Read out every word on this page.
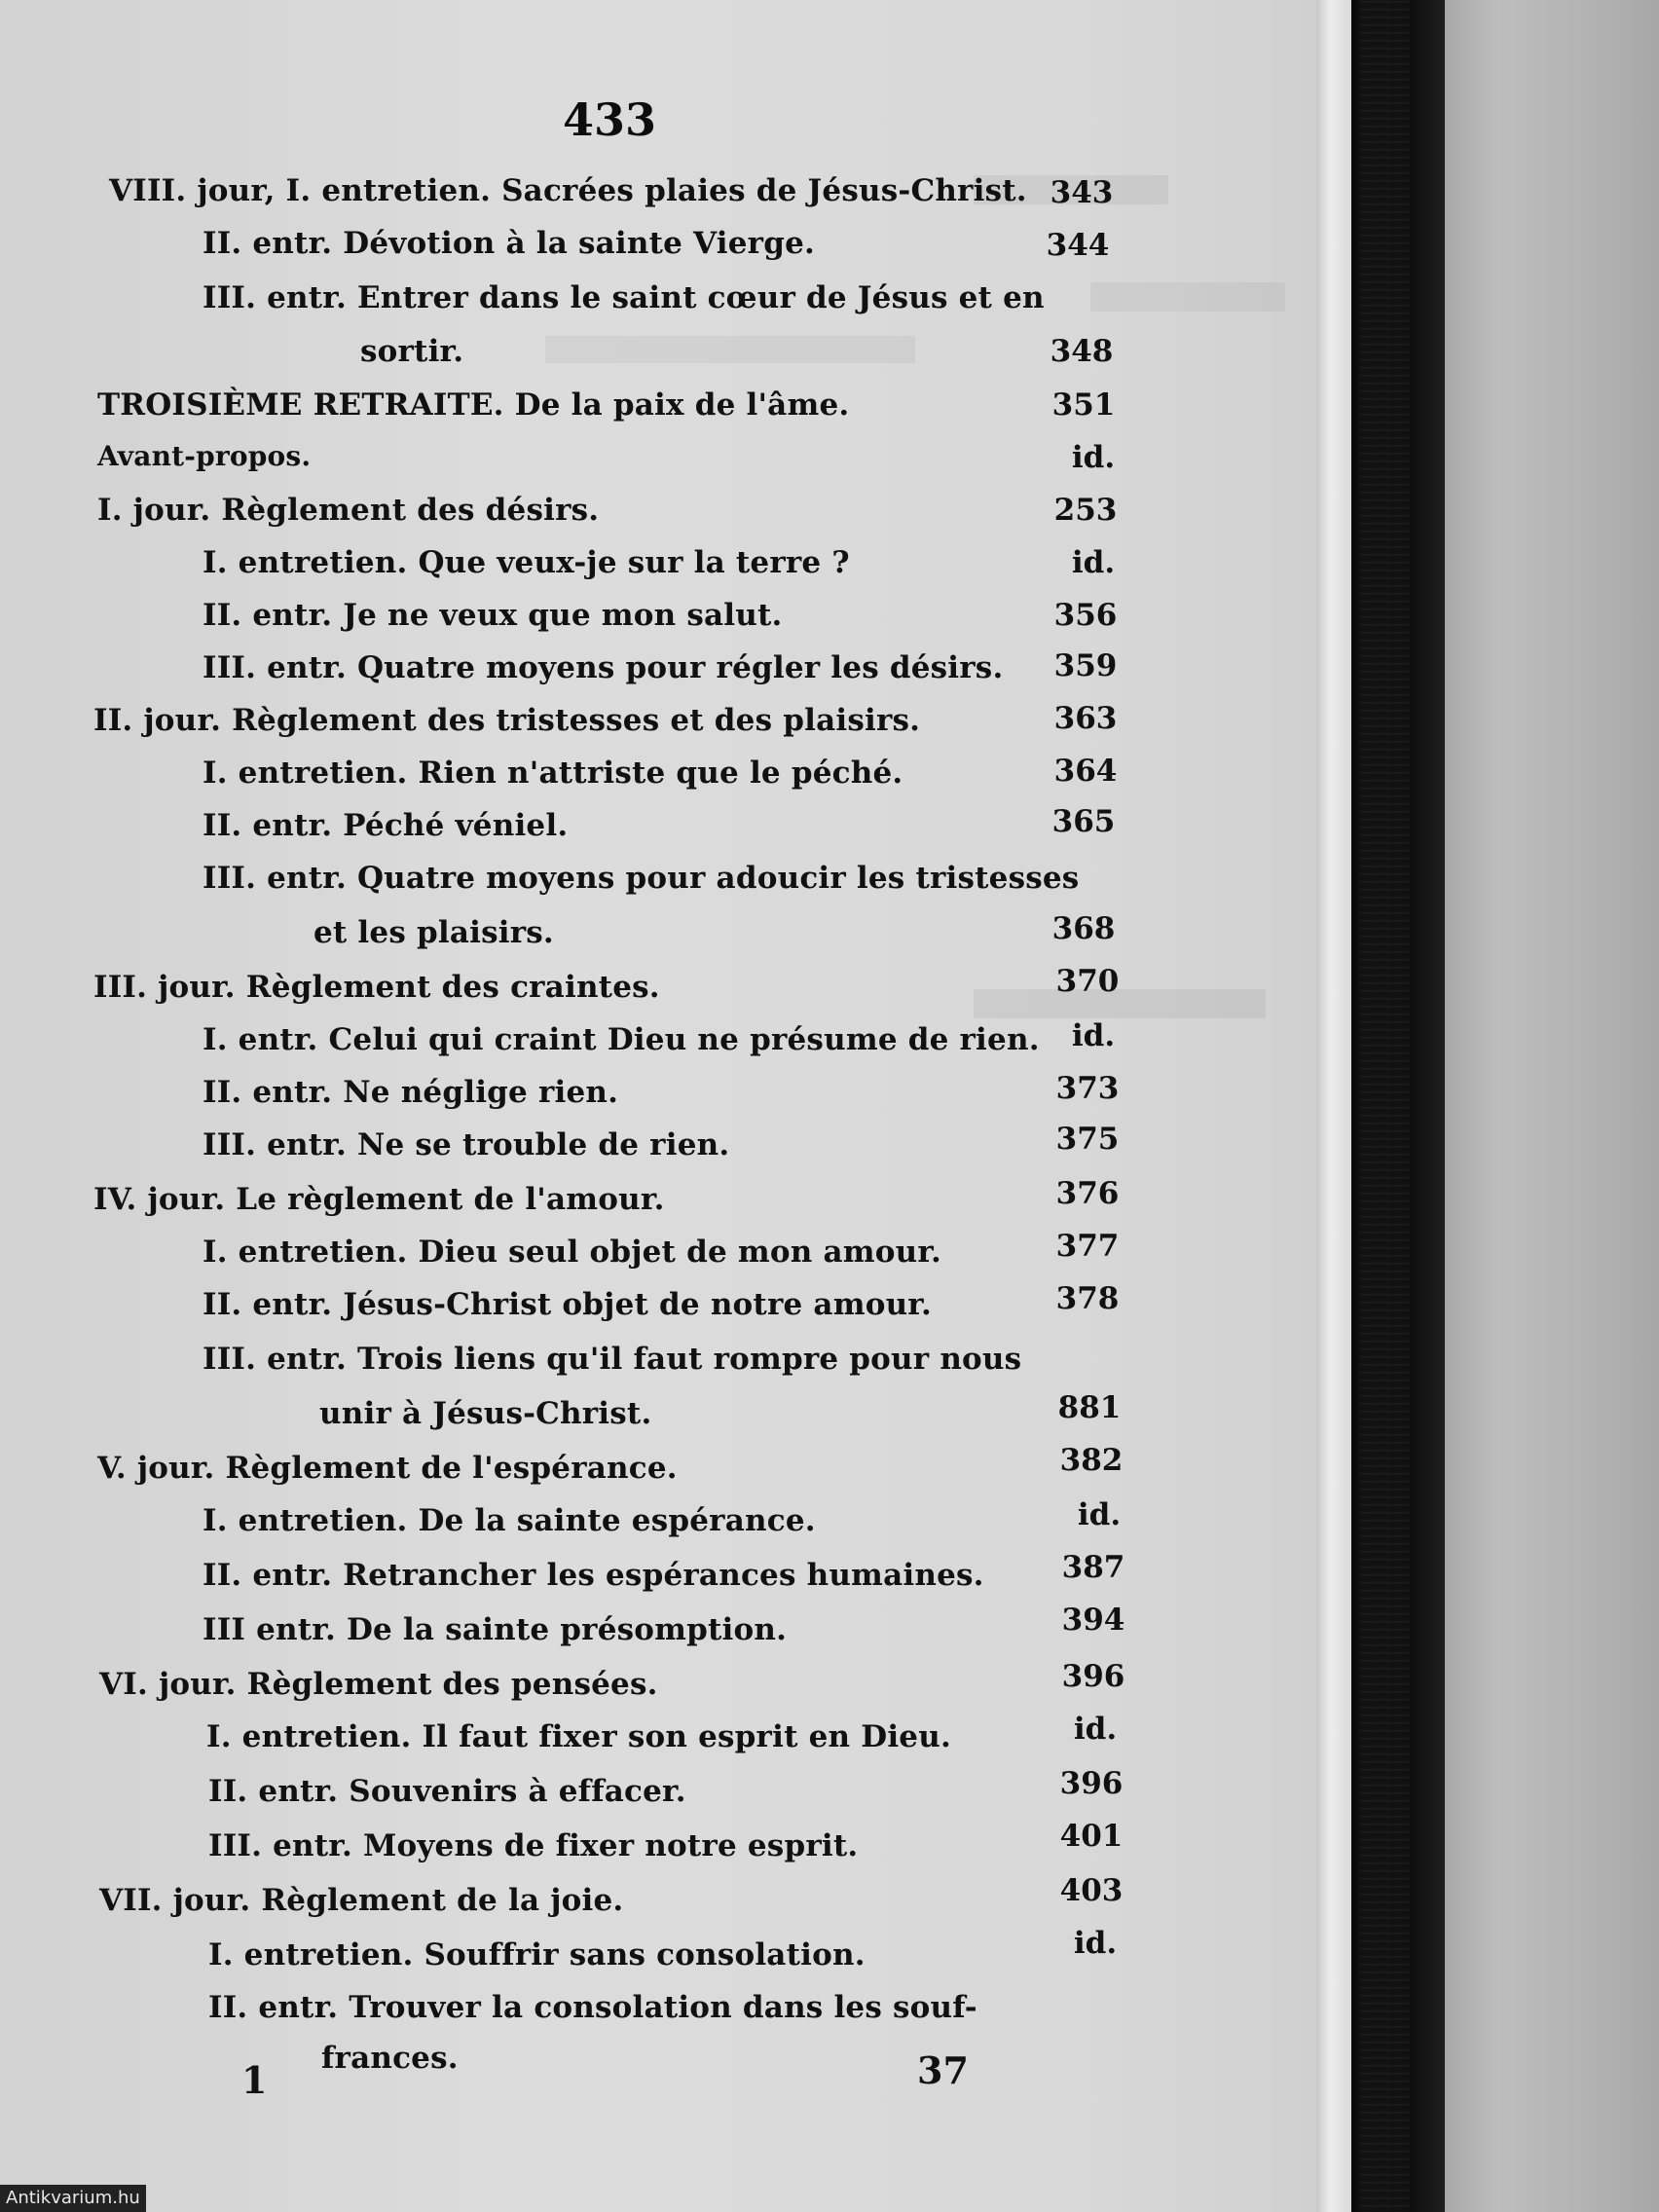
433
VIII. jour, I. entretien. Sacrées plaies de Jésus-Christ. 343
II. entr. Dévotion à la sainte Vierge.	344
III. entr. Entrer dans le saint cœur de Jésus et en
sortir.	348
TROISIÈME RETRAITE. De la paix de l'âme.	351
Avant-propos.	id.
I. jour. Règlement des désirs.	253
I. entretien. Que veux-je sur la terre ?	id.
II. entr. Je ne veux que mon salut.	356
III. entr. Quatre moyens pour régler les désirs. 359
II. jour. Règlement des tristesses et des plaisirs.	363
I. entretien. Rien n'attriste que le péché.	364
II. entr. Péché véniel.	365
III. entr. Quatre moyens pour adoucir les tristesses
et les plaisirs.	368
III. jour. Règlement des craintes.	370
I. entr. Celui qui craint Dieu ne présume de rien.	id.
II. entr. Ne néglige rien.	373
III. entr. Ne se trouble de rien.	375
IV. jour. Le règlement de l'amour.	376
I. entretien. Dieu seul objet de mon amour.	377
II. entr. Jésus-Christ objet de notre amour.	378
III. entr. Trois liens qu'il faut rompre pour nous
unir à Jésus-Christ.	881
V. jour. Règlement de l'espérance.	382
I. entretien. De la sainte espérance.	id.
II. entr. Retrancher les espérances humaines.	387
III entr. De la sainte présomption.	394
VI. jour. Règlement des pensées.	396
I. entretien. Il faut fixer son esprit en Dieu.	id.
II. entr. Souvenirs à effacer.	396
III. entr. Moyens de fixer notre esprit.	401
VII. jour. Règlement de la joie.	403
I. entretien. Souffrir sans consolation.	id.
II. entr. Trouver la consolation dans les souf-
frances.
1	37
Antikvarium.hu
